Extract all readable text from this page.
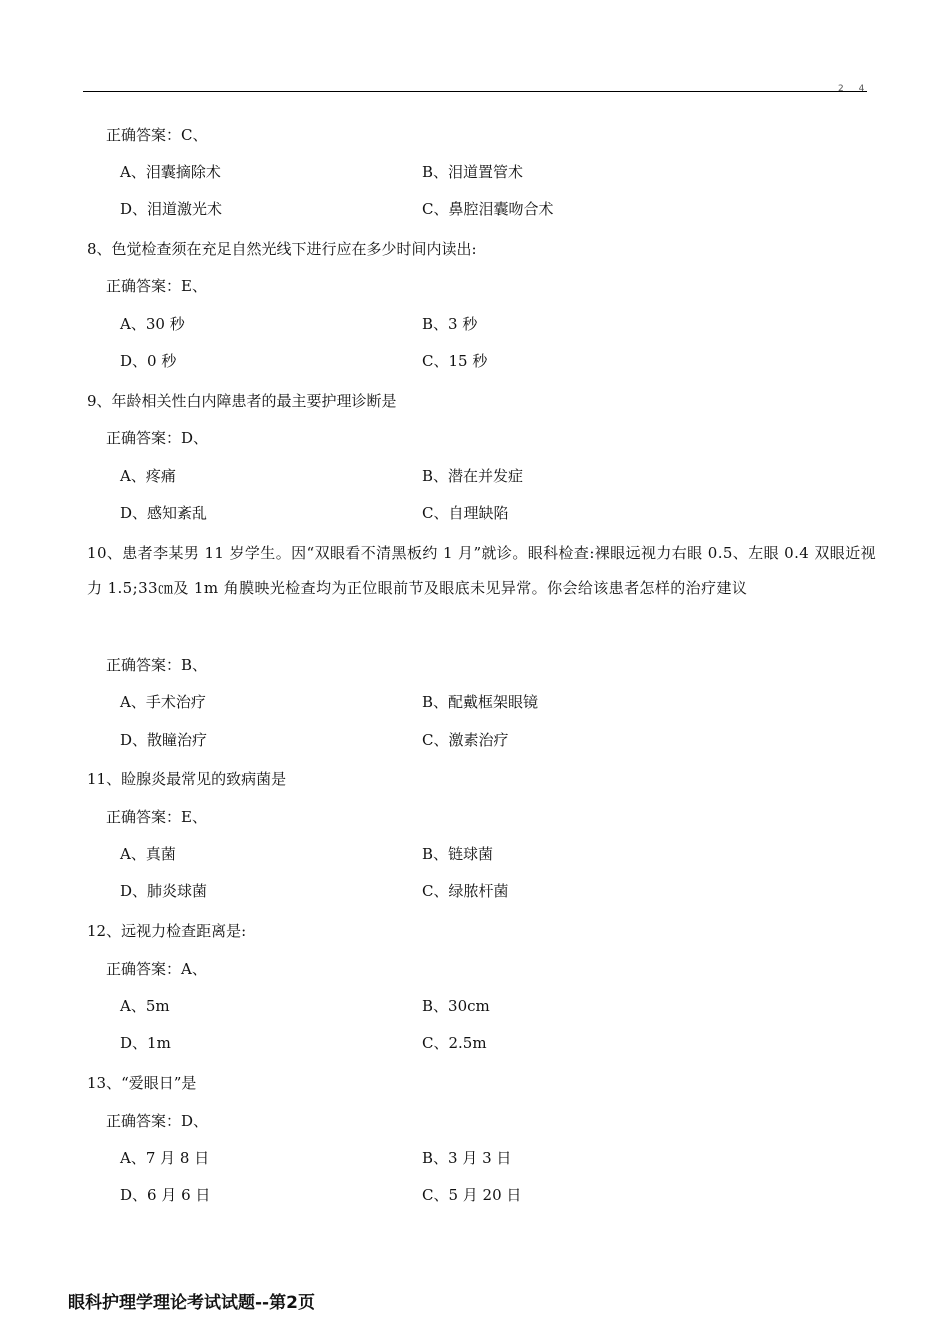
2 4
正确答案：C、
A、泪囊摘除术	B、泪道置管术
D、泪道激光术	C、鼻腔泪囊吻合术
8、色觉检查须在充足自然光线下进行应在多少时间内读出:
正确答案：E、
A、30 秒	B、3 秒
D、0 秒	C、15 秒
9、年龄相关性白内障患者的最主要护理诊断是
正确答案：D、
A、疼痛	B、潜在并发症
D、感知紊乱	C、自理缺陷
10、患者李某男 11 岁学生。因“双眼看不清黑板约 1 月”就诊。眼科检查:裸眼远视力右眼 0.5、左眼 0.4 双眼近视力 1.5;33㎝及 1m 角膜映光检查均为正位眼前节及眼底未见异常。你会给该患者怎样的治疗建议
正确答案：B、
A、手术治疗	B、配戴框架眼镜
D、散瞳治疗	C、激素治疗
11、睑腺炎最常见的致病菌是
正确答案：E、
A、真菌	B、链球菌
D、肺炎球菌	C、绿脓杆菌
12、远视力检查距离是:
正确答案：A、
A、5m	B、30cm
D、1m	C、2.5m
13、“爱眼日”是
正确答案：D、
A、7 月 8 日	B、3 月 3 日
D、6 月 6 日	C、5 月 20 日
眼科护理学理论考试试题--第2页
